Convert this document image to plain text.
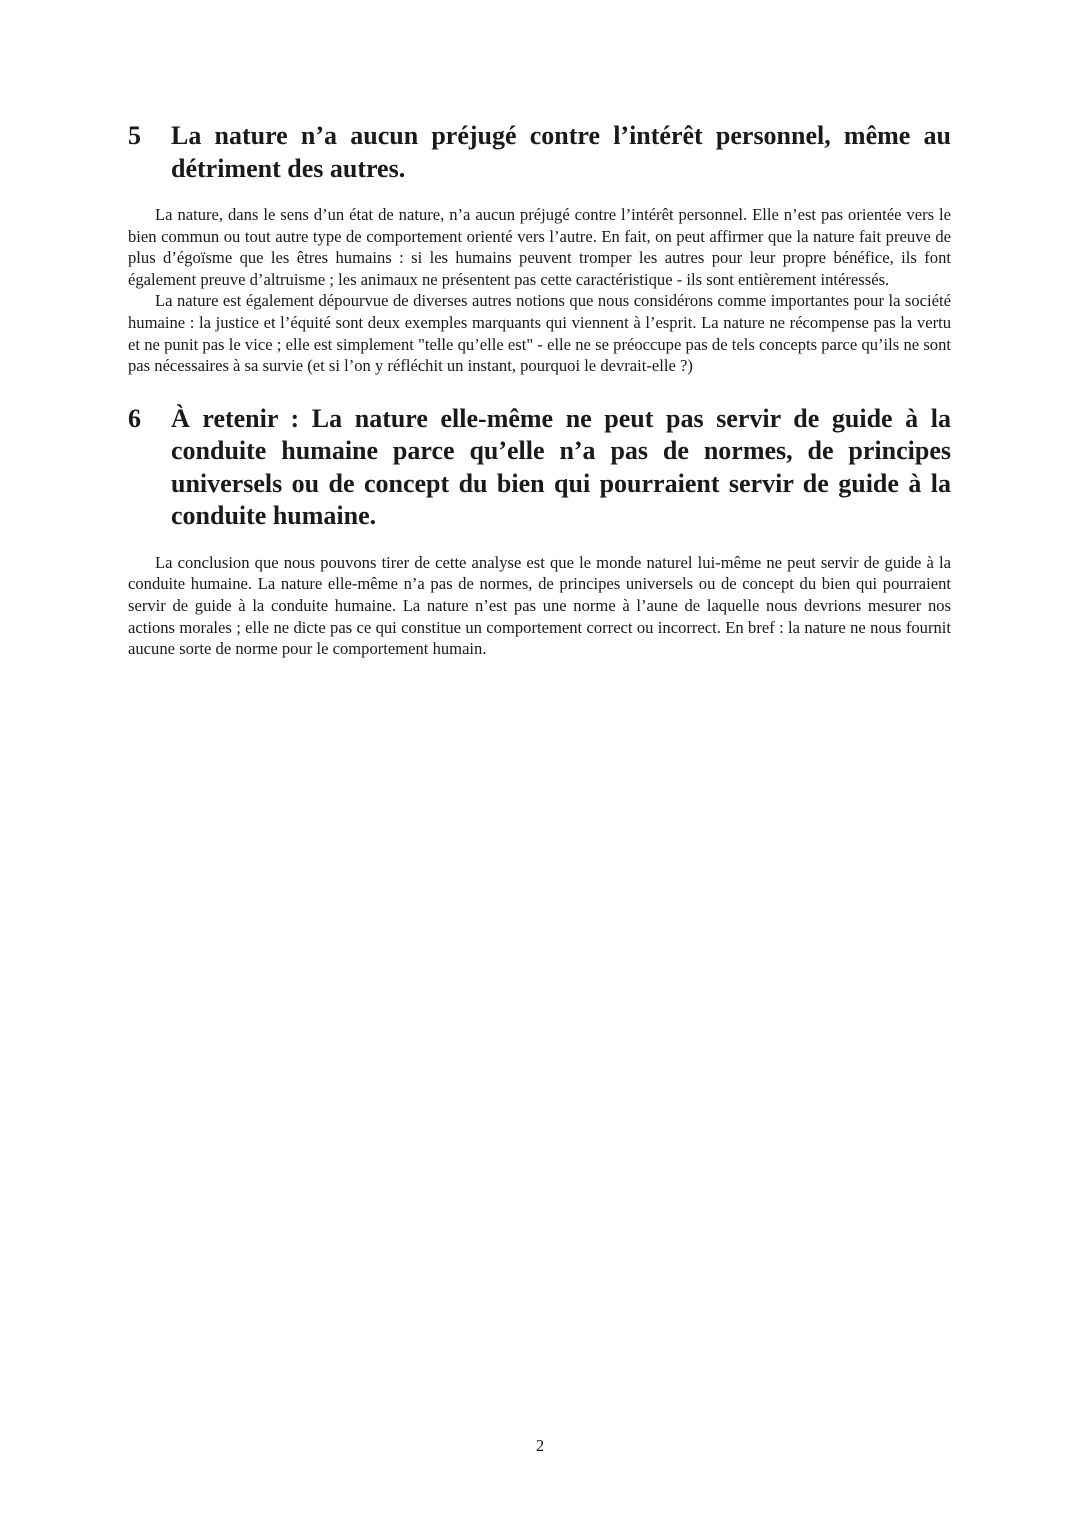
5	La nature n’a aucun préjugé contre l’intérêt personnel, même au détriment des autres.

La nature, dans le sens d’un état de nature, n’a aucun préjugé contre l’intérêt personnel. Elle n’est pas orientée vers le bien commun ou tout autre type de comportement orienté vers l’autre. En fait, on peut affirmer que la nature fait preuve de plus d’égoïsme que les êtres humains : si les humains peuvent tromper les autres pour leur propre bénéfice, ils font également preuve d’altruisme ; les animaux ne présentent pas cette caractéristique - ils sont entièrement intéressés.

La nature est également dépourvue de diverses autres notions que nous considérons comme importantes pour la société humaine : la justice et l’équité sont deux exemples marquants qui viennent à l’esprit. La nature ne récompense pas la vertu et ne punit pas le vice ; elle est simplement "telle qu’elle est" - elle ne se préoccupe pas de tels concepts parce qu’ils ne sont pas nécessaires à sa survie (et si l’on y réfléchit un instant, pourquoi le devrait-elle ?)

6	À retenir : La nature elle-même ne peut pas servir de guide à la conduite humaine parce qu’elle n’a pas de normes, de principes universels ou de concept du bien qui pourraient servir de guide à la conduite humaine.

La conclusion que nous pouvons tirer de cette analyse est que le monde naturel lui-même ne peut servir de guide à la conduite humaine. La nature elle-même n’a pas de normes, de principes universels ou de concept du bien qui pourraient servir de guide à la conduite humaine. La nature n’est pas une norme à l’aune de laquelle nous devrions mesurer nos actions morales ; elle ne dicte pas ce qui constitue un comportement correct ou incorrect. En bref : la nature ne nous fournit aucune sorte de norme pour le comportement humain.

2
